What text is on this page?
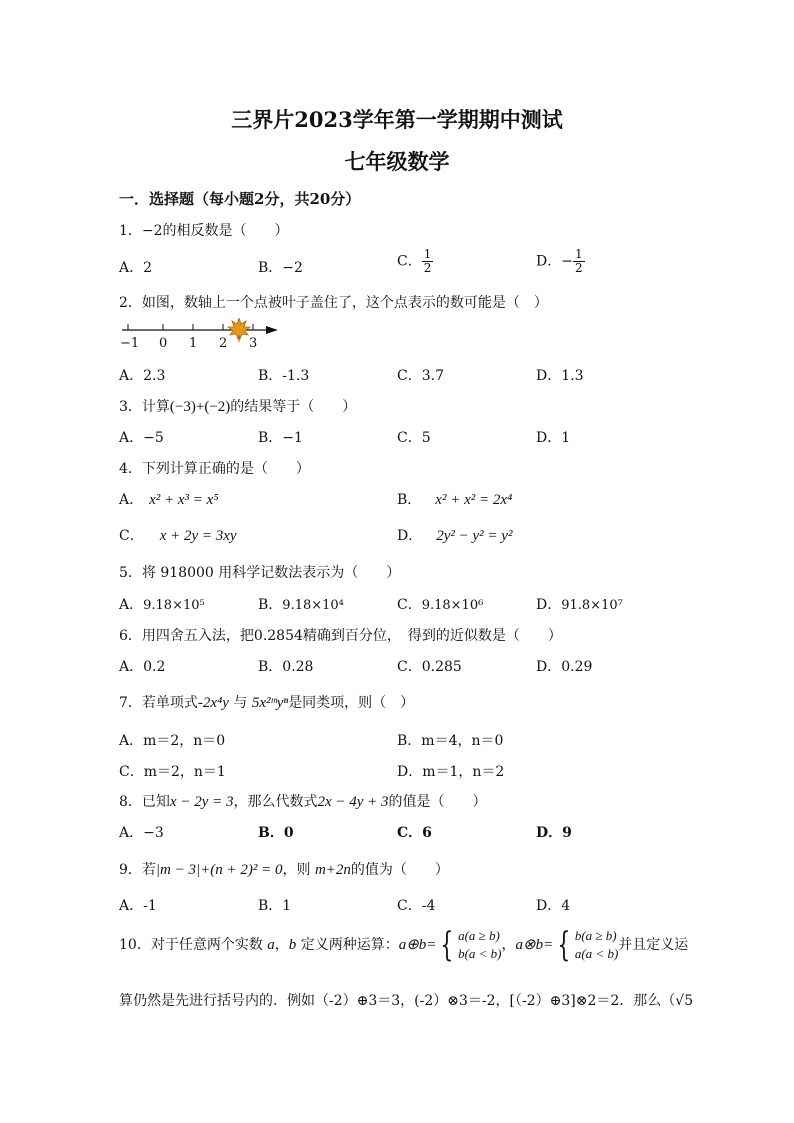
三界片2023学年第一学期期中测试
七年级数学
一．选择题（每小题2分，共20分）
1．−2的相反数是（　　）
A．2	B．−2	C． $\frac{1}{2}$	D．− $\frac{1}{2}$
2．如图，数轴上一个点被叶子盖住了，这个点表示的数可能是（　）
−1 0 1 2 3
A．2.3	B．-1.3	C．3.7	D．1.3
3．计算(−3)+(−2)的结果等于（　　）
A．−5	B．−1	C．5	D．1
4．下列计算正确的是（　　）
A． x² + x³ = x⁵	B． x² + x² = 2x⁴
C． x + 2y = 3xy	D． 2y² − y² = y²
5．将 918000 用科学记数法表示为（　　）
A．9.18×10⁵	B．9.18×10⁴	C．9.18×10⁶	D．91.8×10⁷
6．用四舍五入法，把0.2854精确到百分位，　得到的近似数是（　　）
A．0.2	B．0.28	C．0.285	D．0.29
7．若单项式-2x⁴y 与 5x²ᵐyⁿ是同类项，则（　）
A．m＝2，n＝0	B．m＝4，n＝0
C．m＝2，n＝1	D．m＝1，n＝2
8．已知x − 2y = 3，那么代数式2x − 4y + 3的值是（　　）
A．−3	B．0	C．6	D．9
9．若|m − 3|+(n + 2)² = 0，则 m+2n的值为（　　）
A．-1	B．1	C．-4	D．4
10．对于任意两个实数 a，b 定义两种运算：a⊕b= { a(a ≥ b)
b(a < b)
，a⊗b= { b(a ≥ b)
a(a < b)
并且定义运
算仍然是先进行括号内的．例如（-2）⊕3＝3，(-2）⊗3＝-2，[（-2）⊕3]⊗2＝2．那么（√5
